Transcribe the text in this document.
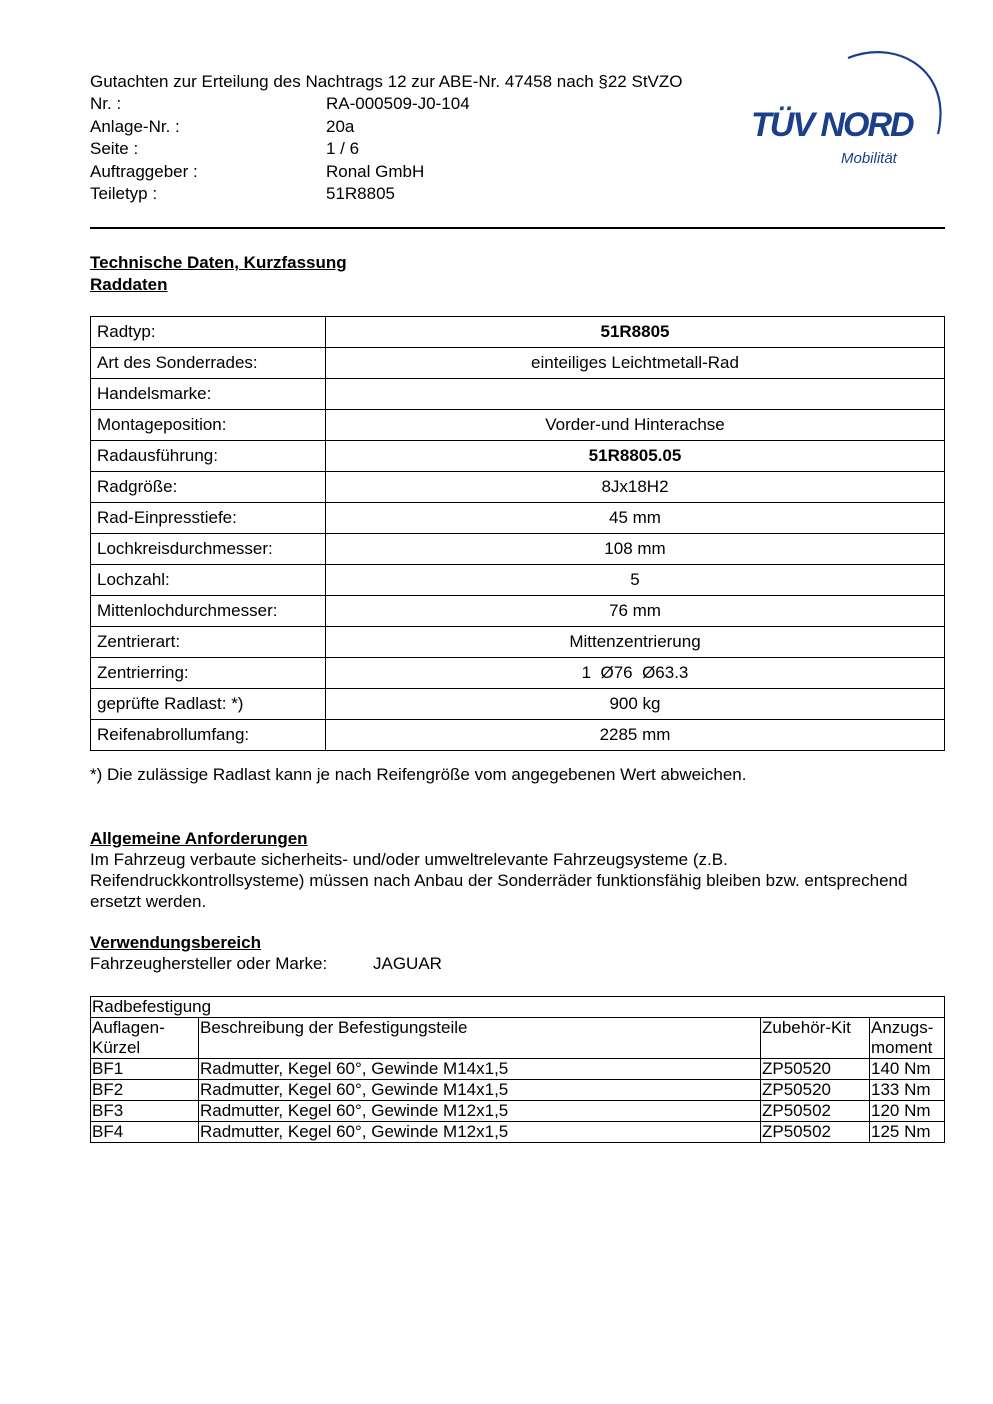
Gutachten zur Erteilung des Nachtrags 12 zur ABE-Nr. 47458 nach §22 StVZO
Nr. :	RA-000509-J0-104
Anlage-Nr. :	20a
Seite :	1 / 6
Auftraggeber :	Ronal GmbH
Teiletyp :	51R8805
TÜV NORD
Mobilität
Technische Daten, Kurzfassung
Raddaten
Radtyp:	51R8805
Art des Sonderrades:	einteiliges Leichtmetall-Rad
Handelsmarke:	
Montageposition:	Vorder-und Hinterachse
Radausführung:	51R8805.05
Radgröße:	8Jx18H2
Rad-Einpresstiefe:	45 mm
Lochkreisdurchmesser:	108 mm
Lochzahl:	5
Mittenlochdurchmesser:	76 mm
Zentrierart:	Mittenzentrierung
Zentrierring:	1  Ø76  Ø63.3
geprüfte Radlast: *)	900 kg
Reifenabrollumfang:	2285 mm
*) Die zulässige Radlast kann je nach Reifengröße vom angegebenen Wert abweichen.
Allgemeine Anforderungen
Im Fahrzeug verbaute sicherheits- und/oder umweltrelevante Fahrzeugsysteme (z.B. Reifendruckkontrollsysteme) müssen nach Anbau der Sonderräder funktionsfähig bleiben bzw. entsprechend ersetzt werden.
Verwendungsbereich
Fahrzeughersteller oder Marke:	JAGUAR
Radbefestigung			
Auflagen-
Kürzel	Beschreibung der Befestigungsteile	Zubehör-Kit	Anzugs-
moment
BF1	Radmutter, Kegel 60°, Gewinde M14x1,5	ZP50520	140 Nm
BF2	Radmutter, Kegel 60°, Gewinde M14x1,5	ZP50520	133 Nm
BF3	Radmutter, Kegel 60°, Gewinde M12x1,5	ZP50502	120 Nm
BF4	Radmutter, Kegel 60°, Gewinde M12x1,5	ZP50502	125 Nm
